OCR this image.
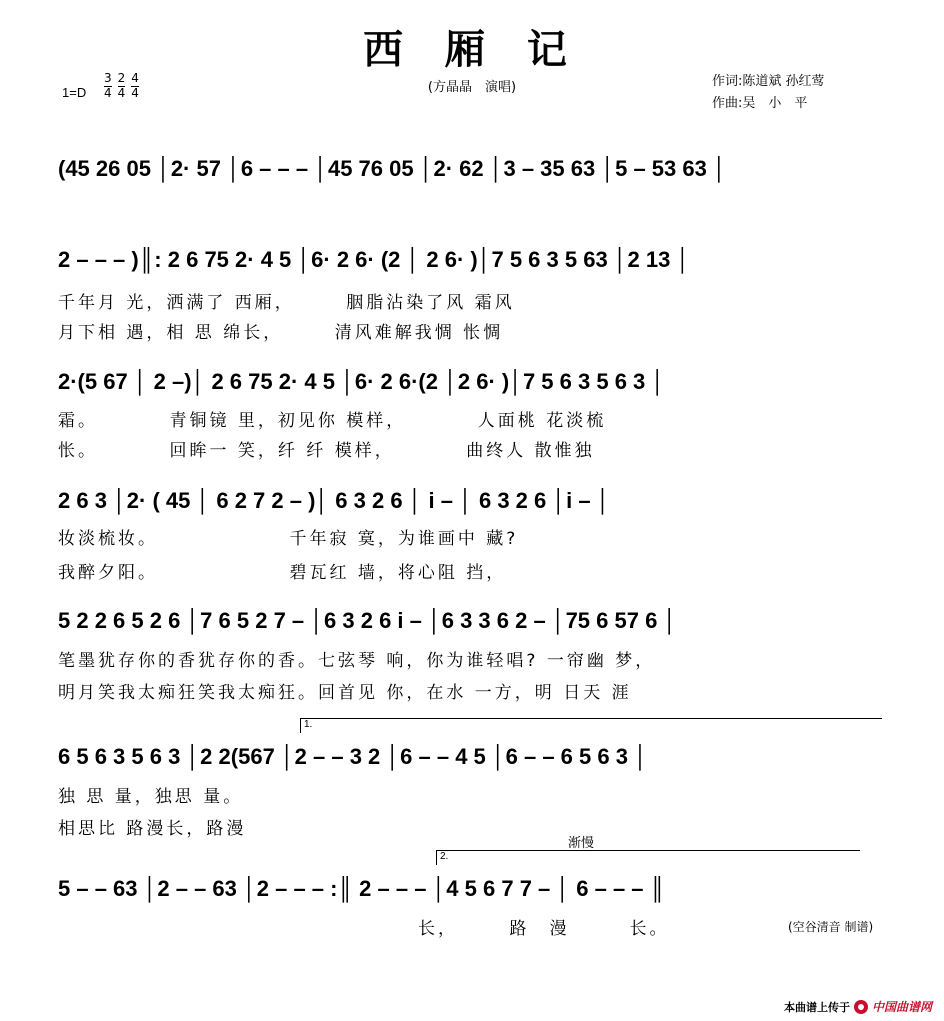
西 厢 记
(方晶晶　演唱)
$1=D \frac{3}{4} \frac{2}{4} \frac{4}{4}$	作词:陈道斌 孙红莺
作曲:吴　小　平
(45 26 05 │2· 57 │6 – – – │45 76 05 │2· 62 │3 – 35 63 │5 – 53 63 │
2 – – – )║: 2 6 75 2· 4 5 │6· 2 6· (2 │ 2 6· )│7 5 6 3 5 63 │2 13 │
千年月 光，洒满了 西厢，　　　胭脂沾染了风 霜风
月下相 遇，相 思 绵长，　　　清风难解我惆 怅惆
2·(5 67 │ 2 –)│ 2 6 75 2· 4 5 │6· 2 6·(2 │2 6· )│7 5 6 3 5 6 3 │
霜。　　　　青铜镜 里，初见你 模样，　　　　人面桃 花淡梳
怅。　　　　回眸一 笑，纤 纤 模样，　　　　曲终人 散惟独
2 6 3 │2· ( 45 │ 6 2 7 2 – )│ 6 3 2 6 │ i – │ 6 3 2 6 │i – │
妆淡梳妆。　　　　　　　千年寂 寞，为谁画中 藏?
我醉夕阳。　　　　　　　碧瓦红 墙，将心阻 挡，
5 2 2 6 5 2 6 │7 6 5 2 7 – │6 3 2 6 i – │6 3 3 6 2 – │75 6 57 6 │
笔墨犹存你的香犹存你的香。七弦琴 响，你为谁轻唱? 一帘幽 梦，
明月笑我太痴狂笑我太痴狂。回首见 你，在水 一方，明 日天 涯
1.
6 5 6 3 5 6 3 │2 2(567 │2 – – 3 2 │6 – – 4 5 │6 – – 6 5 6 3 │
独 思 量，独思 量。
相思比 路漫长，路漫
渐慢
2.
5 – – 63 │2 – – 63 │2 – – – :║ 2 – – – │4 5 6 7 7 – │ 6 – – – ║
　　　　　　　　　　　　　　　　　　长，　　　路　漫　　　长。	(空谷清音 制谱)
本曲谱上传于 中国曲谱网
